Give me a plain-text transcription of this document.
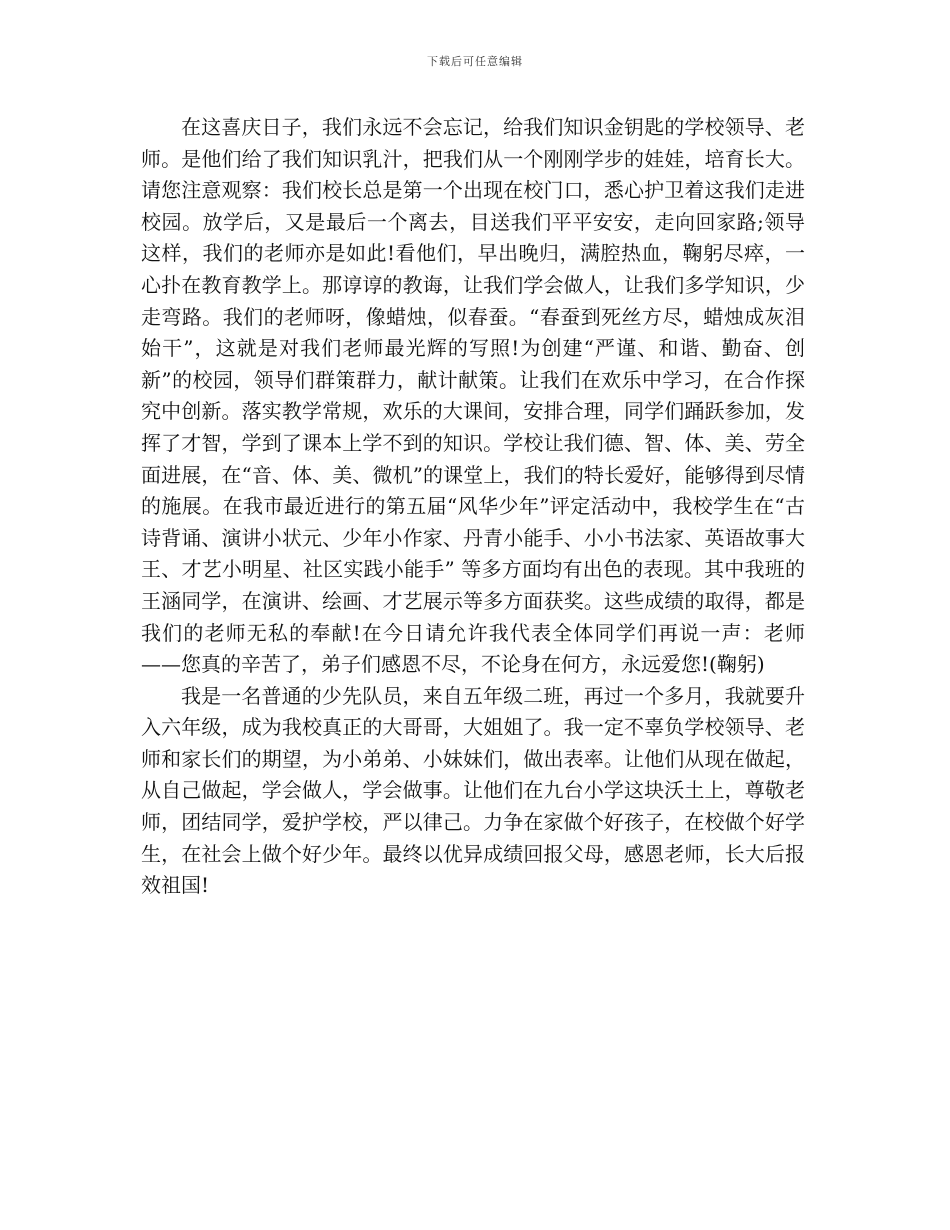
下载后可任意编辑

在这喜庆日子，我们永远不会忘记，给我们知识金钥匙的学校领导、老师。是他们给了我们知识乳汁，把我们从一个刚刚学步的娃娃，培育长大。请您注意观察：我们校长总是第一个出现在校门口，悉心护卫着这我们走进校园。放学后，又是最后一个离去，目送我们平平安安，走向回家路;领导这样，我们的老师亦是如此!看他们，早出晚归，满腔热血，鞠躬尽瘁，一心扑在教育教学上。那谆谆的教诲，让我们学会做人，让我们多学知识，少走弯路。我们的老师呀，像蜡烛，似春蚕。“春蚕到死丝方尽，蜡烛成灰泪始干”，这就是对我们老师最光辉的写照!为创建“严谨、和谐、勤奋、创新”的校园，领导们群策群力，献计献策。让我们在欢乐中学习，在合作探究中创新。落实教学常规，欢乐的大课间，安排合理，同学们踊跃参加，发挥了才智，学到了课本上学不到的知识。学校让我们德、智、体、美、劳全面进展，在“音、体、美、微机”的课堂上，我们的特长爱好，能够得到尽情的施展。在我市最近进行的第五届“风华少年”评定活动中，我校学生在“古诗背诵、演讲小状元、少年小作家、丹青小能手、小小书法家、英语故事大王、才艺小明星、社区实践小能手” 等多方面均有出色的表现。其中我班的王涵同学，在演讲、绘画、才艺展示等多方面获奖。这些成绩的取得，都是我们的老师无私的奉献!在今日请允许我代表全体同学们再说一声：老师——您真的辛苦了，弟子们感恩不尽，不论身在何方，永远爱您!(鞠躬)

我是一名普通的少先队员，来自五年级二班，再过一个多月，我就要升入六年级，成为我校真正的大哥哥，大姐姐了。我一定不辜负学校领导、老师和家长们的期望，为小弟弟、小妹妹们，做出表率。让他们从现在做起，从自己做起，学会做人，学会做事。让他们在九台小学这块沃土上，尊敬老师，团结同学，爱护学校，严以律己。力争在家做个好孩子，在校做个好学生，在社会上做个好少年。最终以优异成绩回报父母，感恩老师，长大后报效祖国!
